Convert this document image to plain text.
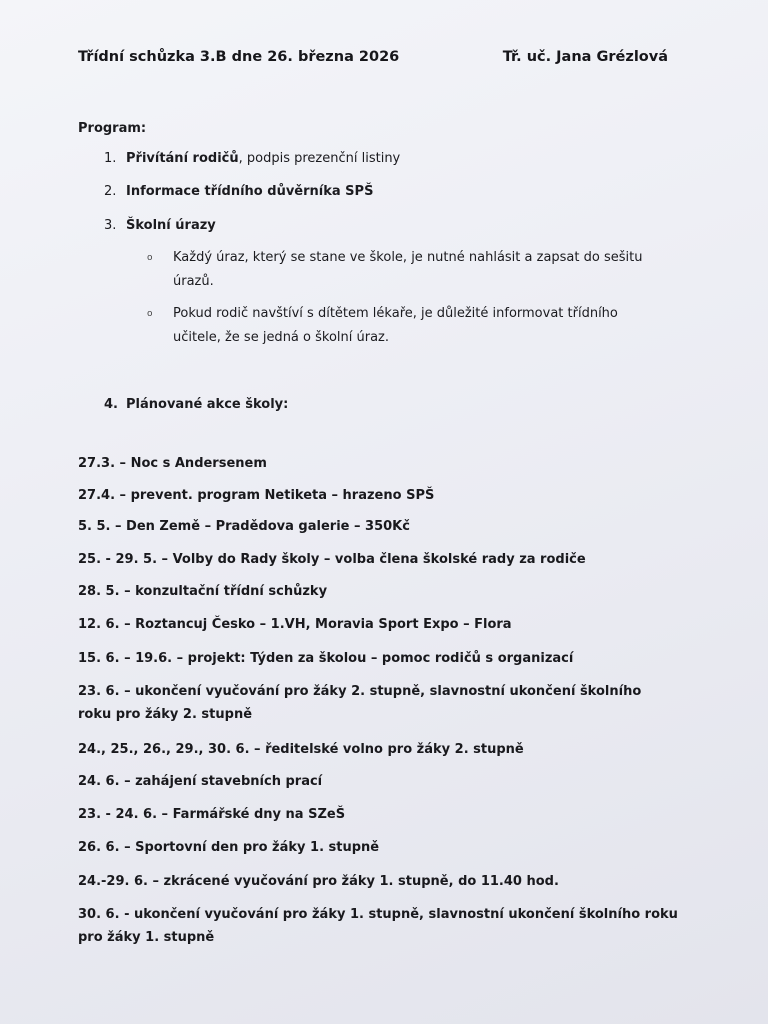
Třídní schůzka 3.B dne 26. března 2026	Tř. uč. Jana Grézlová
Program:
1. Přivítání rodičů , podpis prezenční listiny
2. Informace třídního důvěrníka SPŠ
3. Školní úrazy
o	Každý úraz, který se stane ve škole, je nutné nahlásit a zapsat do sešitu úrazů.
o	Pokud rodič navštíví s dítětem lékaře, je důležité informovat třídního učitele, že se jedná o školní úraz.
4. Plánované akce školy:
27.3. – Noc s Andersenem
27.4. – prevent. program Netiketa – hrazeno SPŠ
5. 5. – Den Země – Pradědova galerie – 350Kč
25. - 29. 5. – Volby do Rady školy – volba člena školské rady za rodiče
28. 5. – konzultační třídní schůzky
12. 6. – Roztancuj Česko – 1.VH, Moravia Sport Expo – Flora
15. 6. – 19.6. – projekt: Týden za školou – pomoc rodičů s organizací
23. 6. – ukončení vyučování pro žáky 2. stupně, slavnostní ukončení školního roku pro žáky 2. stupně
24., 25., 26., 29., 30. 6. – ředitelské volno pro žáky 2. stupně
24. 6. – zahájení stavebních prací
23. - 24. 6. – Farmářské dny na SZeŠ
26. 6. – Sportovní den pro žáky 1. stupně
24.-29. 6. – zkrácené vyučování pro žáky 1. stupně, do 11.40 hod.
30. 6. - ukončení vyučování pro žáky 1. stupně, slavnostní ukončení školního roku pro žáky 1. stupně
